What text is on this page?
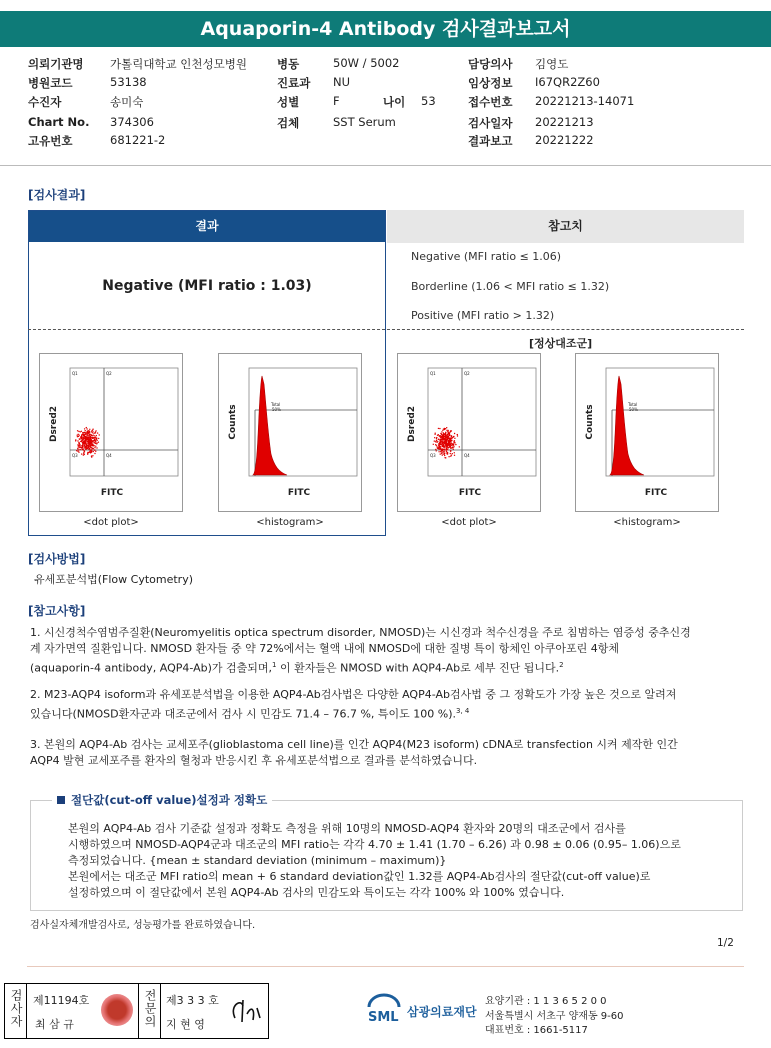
Aquaporin-4 Antibody 검사결과보고서
의뢰기관명 가톨릭대학교 인천성모병원	병동	50W / 5002	담당의사 김영도
병원코드	53138	진료과 NU	임상정보 I67QR2Z60
수진자	송미숙	성별	F	나이 53	접수번호 20221213-14071
Chart No. 374306	검체	SST Serum	검사일자 20221213
고유번호	681221-2	결과보고 20221222
[검사결과]
결과
Negative (MFI ratio : 1.03)
참고치
Negative (MFI ratio ≤ 1.06)
Borderline (1.06 < MFI ratio ≤ 1.32)
Positive (MFI ratio > 1.32)
[정상대조군]
Q1	Q2
Q3	Q4
Dsred2
FITC
Total
50%
Counts
FITC
Q1	Q2
Q3	Q4
Dsred2
FITC
Total
50%
Counts
FITC
<dot plot>	<histogram>	<dot plot>	<histogram>
[검사방법]
유세포분석법(Flow Cytometry)
[참고사항]
1. 시신경척수염범주질환(Neuromyelitis optica spectrum disorder, NMOSD)는 시신경과 척수신경을 주로 침범하는 염증성 중추신경
계 자가면역 질환입니다. NMOSD 환자들 중 약 72%에서는 혈액 내에 NMOSD에 대한 질병 특이 항체인 아쿠아포린 4항체
(aquaporin-4 antibody, AQP4-Ab)가 검출되며,$^1$ 이 환자들은 NMOSD with AQP4-Ab로 세부 진단 됩니다.$^2$
2. M23-AQP4 isoform과 유세포분석법을 이용한 AQP4-Ab검사법은 다양한 AQP4-Ab검사법 중 그 정확도가 가장 높은 것으로 알려져
있습니다(NMOSD환자군과 대조군에서 검사 시 민감도 71.4 – 76.7 %, 특이도 100 %).$^{3, 4}$
3. 본원의 AQP4-Ab 검사는 교세포주(glioblastoma cell line)를 인간 AQP4(M23 isoform) cDNA로 transfection 시켜 제작한 인간
AQP4 발현 교세포주를 환자의 혈청과 반응시킨 후 유세포분석법으로 결과를 분석하였습니다.
절단값(cut-off value)설정과 정확도
본원의 AQP4-Ab 검사 기준값 설정과 정확도 측정을 위해 10명의 NMOSD-AQP4 환자와 20명의 대조군에서 검사를
시행하였으며 NMOSD-AQP4군과 대조군의 MFI ratio는 각각 4.70 ± 1.41 (1.70 – 6.26) 과 0.98 ± 0.06 (0.95– 1.06)으로
측정되었습니다. {mean ± standard deviation (minimum – maximum)}
본원에서는 대조군 MFI ratio의 mean + 6 standard deviation값인 1.32를 AQP4-Ab검사의 절단값(cut-off value)로
설정하였으며 이 절단값에서 본원 AQP4-Ab 검사의 민감도와 특이도는 각각 100% 와 100% 였습니다.
검사실자체개발검사로, 성능평가를 완료하였습니다.
1/2
검사자 제11194호
최 삼 규	전문의 제3 3 3 호
지 현 영	SML 삼광의료재단
요양기관 : 1 1 3 6 5 2 0 0
서울특별시 서초구 양재동 9-60
대표번호 : 1661-5117
